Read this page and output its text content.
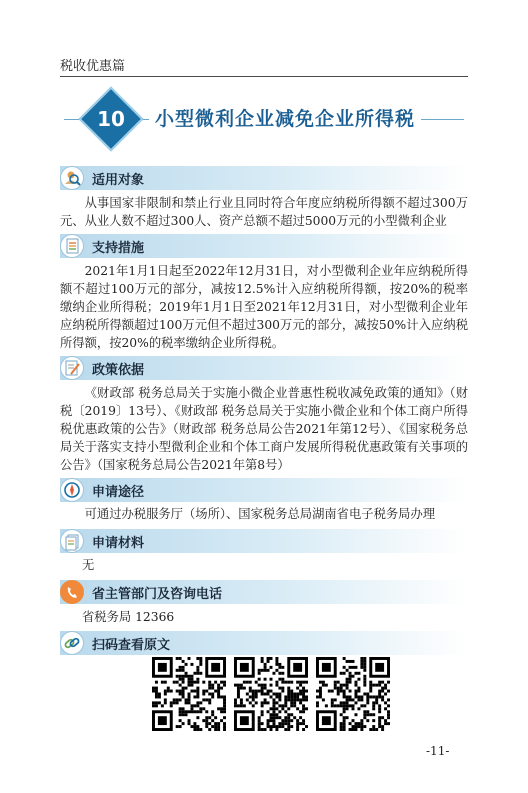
税收优惠篇
10	小型微利企业减免企业所得税
适用对象
从事国家非限制和禁止行业且同时符合年度应纳税所得额不超过300万元、从业人数不超过300人、资产总额不超过5000万元的小型微利企业
支持措施
2021年1月1日起至2022年12月31日，对小型微利企业年应纳税所得额不超过100万元的部分，减按12.5%计入应纳税所得额，按20%的税率缴纳企业所得税；2019年1月1日至2021年12月31日，对小型微利企业年应纳税所得额超过100万元但不超过300万元的部分，减按50%计入应纳税所得额，按20%的税率缴纳企业所得税。
政策依据
《财政部 税务总局关于实施小微企业普惠性税收减免政策的通知》（财税〔2019〕13号）、《财政部 税务总局关于实施小微企业和个体工商户所得税优惠政策的公告》（财政部 税务总局公告2021年第12号）、《国家税务总局关于落实支持小型微利企业和个体工商户发展所得税优惠政策有关事项的公告》（国家税务总局公告2021年第8号）
申请途径
可通过办税服务厅（场所）、国家税务总局湖南省电子税务局办理
申请材料
无
省主管部门及咨询电话
省税务局 12366
扫码查看原文
-11-
